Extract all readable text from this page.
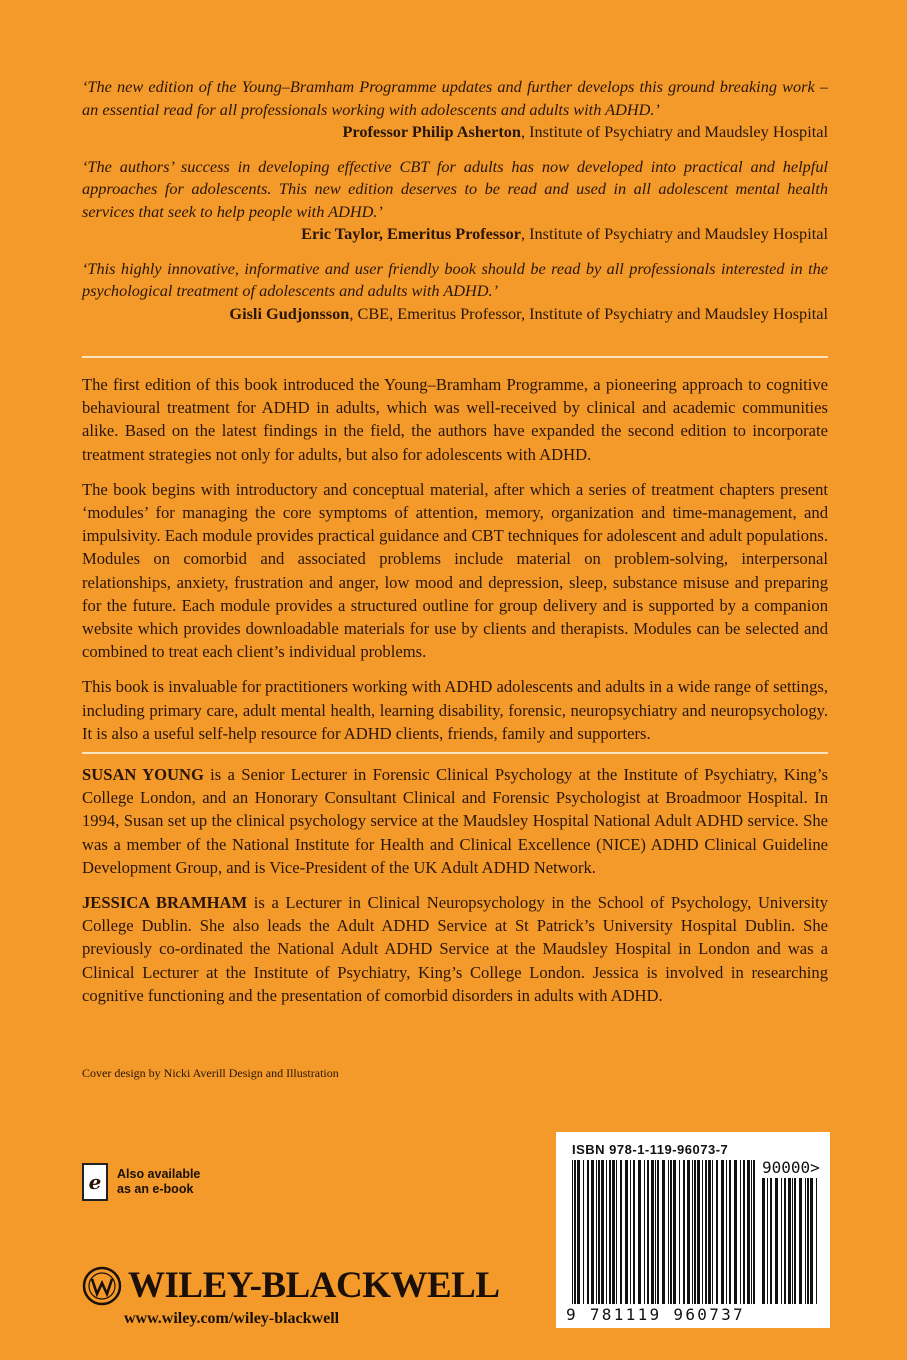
‘The new edition of the Young–Bramham Programme updates and further develops this ground breaking work – an essential read for all professionals working with adolescents and adults with ADHD.’
Professor Philip Asherton, Institute of Psychiatry and Maudsley Hospital
‘The authors’ success in developing effective CBT for adults has now developed into practical and helpful approaches for adolescents. This new edition deserves to be read and used in all adolescent mental health services that seek to help people with ADHD.’
Eric Taylor, Emeritus Professor, Institute of Psychiatry and Maudsley Hospital
‘This highly innovative, informative and user friendly book should be read by all professionals interested in the psychological treatment of adolescents and adults with ADHD.’
Gisli Gudjonsson, CBE, Emeritus Professor, Institute of Psychiatry and Maudsley Hospital

The first edition of this book introduced the Young–Bramham Programme, a pioneering approach to cognitive behavioural treatment for ADHD in adults, which was well-received by clinical and academic communities alike. Based on the latest findings in the field, the authors have expanded the second edition to incorporate treatment strategies not only for adults, but also for adolescents with ADHD.

The book begins with introductory and conceptual material, after which a series of treatment chapters present ‘modules’ for managing the core symptoms of attention, memory, organization and time-management, and impulsivity. Each module provides practical guidance and CBT techniques for adolescent and adult populations. Modules on comorbid and associated problems include material on problem-solving, interpersonal relationships, anxiety, frustration and anger, low mood and depression, sleep, substance misuse and preparing for the future. Each module provides a structured outline for group delivery and is supported by a companion website which provides downloadable materials for use by clients and therapists. Modules can be selected and combined to treat each client’s individual problems.

This book is invaluable for practitioners working with ADHD adolescents and adults in a wide range of settings, including primary care, adult mental health, learning disability, forensic, neuropsychiatry and neuropsychology. It is also a useful self-help resource for ADHD clients, friends, family and supporters.

SUSAN YOUNG is a Senior Lecturer in Forensic Clinical Psychology at the Institute of Psychiatry, King’s College London, and an Honorary Consultant Clinical and Forensic Psychologist at Broadmoor Hospital. In 1994, Susan set up the clinical psychology service at the Maudsley Hospital National Adult ADHD service. She was a member of the National Institute for Health and Clinical Excellence (NICE) ADHD Clinical Guideline Development Group, and is Vice-President of the UK Adult ADHD Network.

JESSICA BRAMHAM is a Lecturer in Clinical Neuropsychology in the School of Psychology, University College Dublin. She also leads the Adult ADHD Service at St Patrick’s University Hospital Dublin. She previously co-ordinated the National Adult ADHD Service at the Maudsley Hospital in London and was a Clinical Lecturer at the Institute of Psychiatry, King’s College London. Jessica is involved in researching cognitive functioning and the presentation of comorbid disorders in adults with ADHD.

Cover design by Nicki Averill Design and Illustration
e Also available
as an e-book
WILEY-BLACKWELL
www.wiley.com/wiley-blackwell
ISBN 978-1-119-96073-7
90000>
9 781119 960737
